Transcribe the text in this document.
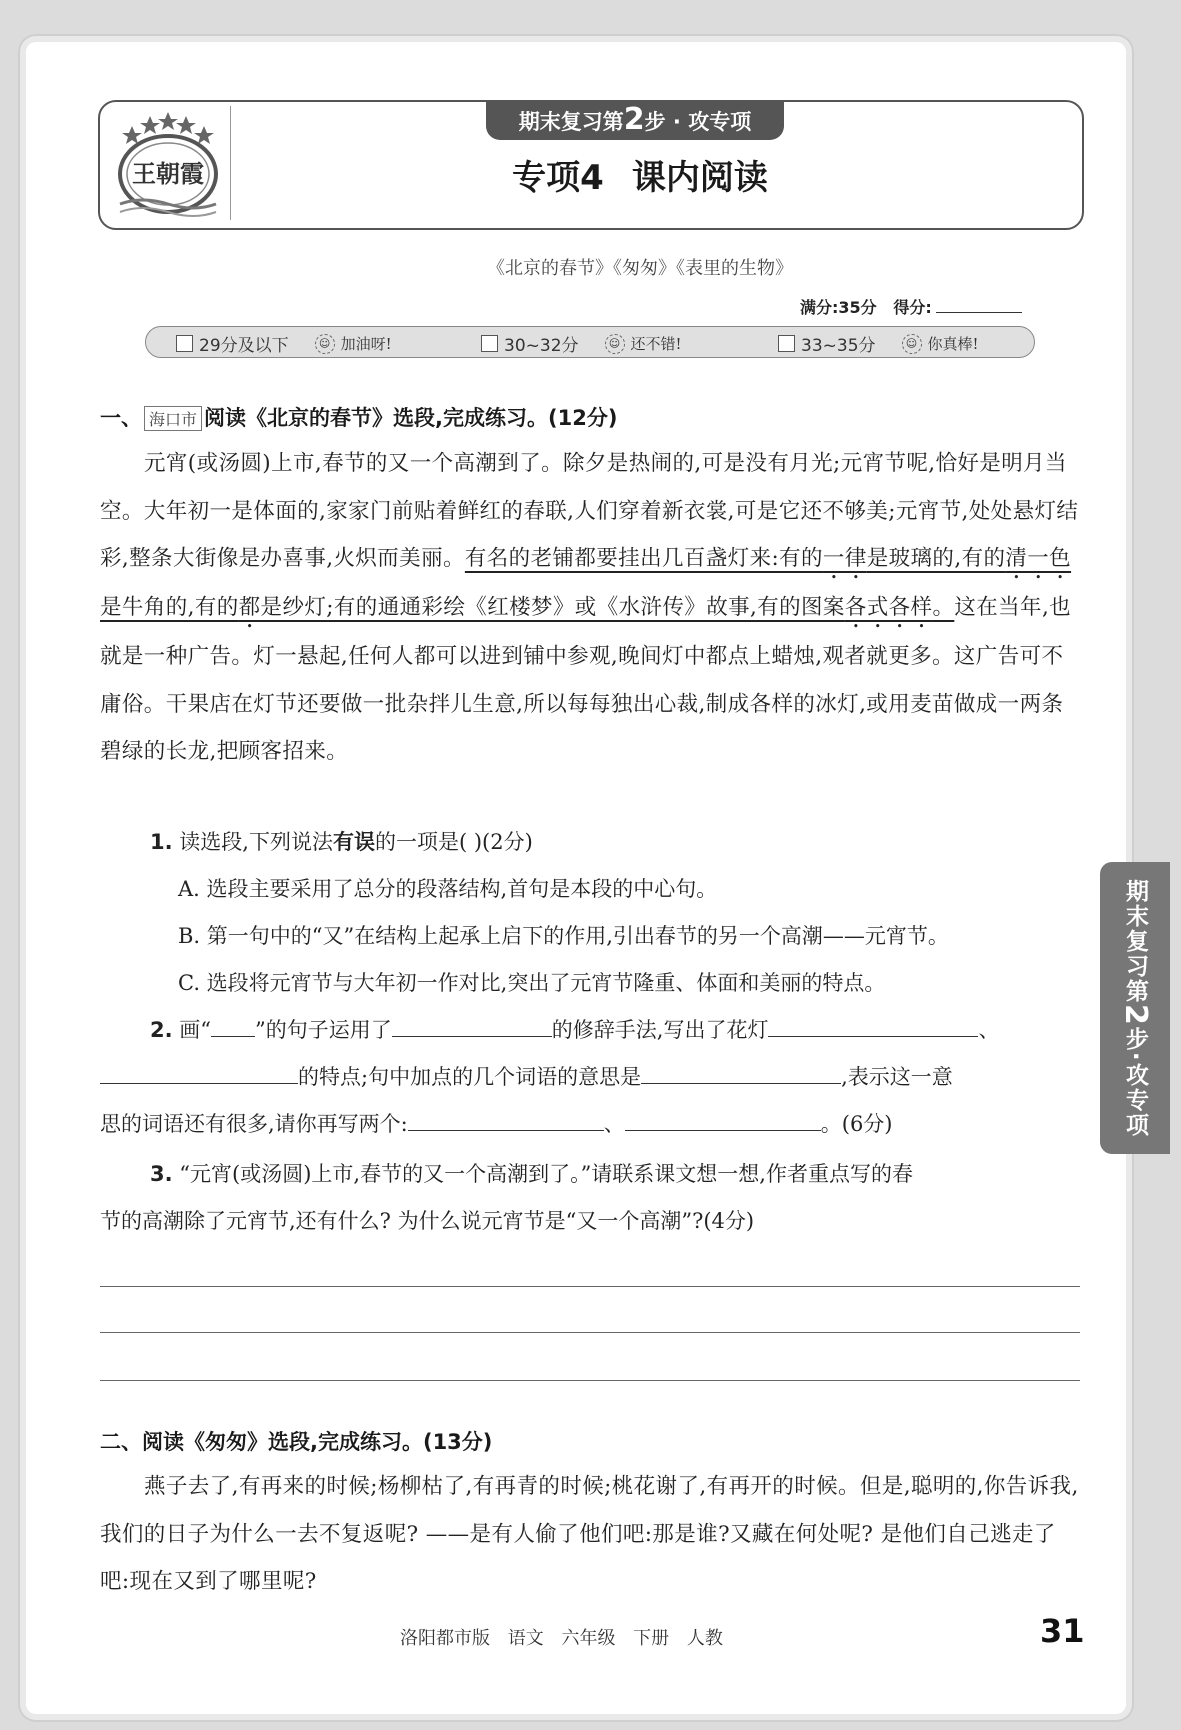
王朝霞
期末复习第2步 · 攻专项
专项4 课内阅读
《北京的春节》《匆匆》《表里的生物》
满分:35分 得分:
29分及以下	☺ 加油呀!	30~32分	☺ 还不错!	33~35分	☺ 你真棒!
一、 海口市 阅读《北京的春节》选段,完成练习。(12分)
元宵(或汤圆)上市,春节的又一个高潮到了。除夕是热闹的,可是没有月光;元宵节呢,恰好是明月当空。大年初一是体面的,家家门前贴着鲜红的春联,人们穿着新衣裳,可是它还不够美;元宵节,处处悬灯结彩,整条大街像是办喜事,火炽而美丽。有名的老铺都要挂出几百盏灯来:有的一律是玻璃的,有的清一色是牛角的,有的都是纱灯;有的通通彩绘《红楼梦》或《水浒传》故事,有的图案各式各样。这在当年,也就是一种广告。灯一悬起,任何人都可以进到铺中参观,晚间灯中都点上蜡烛,观者就更多。这广告可不庸俗。干果店在灯节还要做一批杂拌儿生意,所以每每独出心裁,制成各样的冰灯,或用麦苗做成一两条碧绿的长龙,把顾客招来。
1. 读选段,下列说法有误的一项是( )(2分)
A. 选段主要采用了总分的段落结构,首句是本段的中心句。
B. 第一句中的“又”在结构上起承上启下的作用,引出春节的另一个高潮——元宵节。
C. 选段将元宵节与大年初一作对比,突出了元宵节隆重、体面和美丽的特点。
2. 画“ ”的句子运用了	的修辞手法,写出了花灯	、
的特点;句中加点的几个词语的意思是	,表示这一意
思的词语还有很多,请你再写两个:	、	。(6分)
3. “元宵(或汤圆)上市,春节的又一个高潮到了。”请联系课文想一想,作者重点写的春
节的高潮除了元宵节,还有什么? 为什么说元宵节是“又一个高潮”?(4分)
二、阅读《匆匆》选段,完成练习。(13分)
燕子去了,有再来的时候;杨柳枯了,有再青的时候;桃花谢了,有再开的时候。但是,聪明的,你告诉我,我们的日子为什么一去不复返呢? ——是有人偷了他们吧:那是谁?又藏在何处呢? 是他们自己逃走了吧:现在又到了哪里呢?
期末复习第2步·攻专项
洛阳都市版 语文 六年级 下册 人教	31
